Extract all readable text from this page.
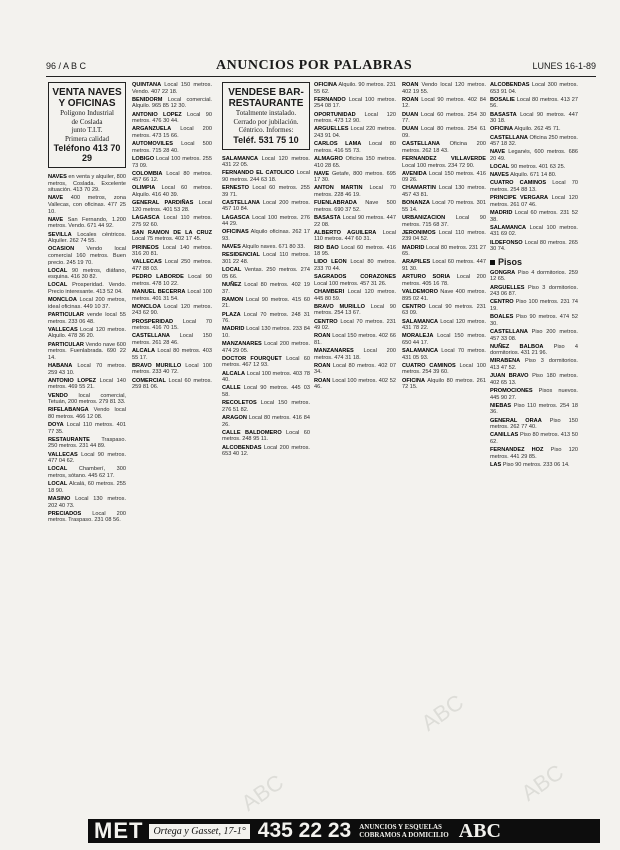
96 / A B C	ANUNCIOS POR PALABRAS	LUNES 16-1-89
VENTA NAVES Y OFICINAS
Polígono Industrial
de Coslada
junto T.I.T.
Primera calidad
Teléfono 413 70 29
NAVES en venta y alquiler, 800 metros, Coslada. Excelente situación. 413 70 29.
NAVE 400 metros, zona Vallecas, con oficinas. 477 25 10.
NAVE San Fernando, 1.200 metros. Vendo. 671 44 92.
SEVILLA Locales céntricos. Alquiler. 262 74 55.
OCASION Vendo local comercial 160 metros. Buen precio. 245 19 70.
LOCAL 90 metros, diáfano, esquina. 416 30 82.
LOCAL Prosperidad. Vendo. Precio interesante. 413 52 04.
MONCLOA Local 200 metros, ideal oficinas. 449 10 37.
PARTICULAR vende local 55 metros. 233 06 48.
VALLECAS Local 120 metros. Alquilo. 478 36 20.
PARTICULAR Vendo nave 600 metros. Fuenlabrada. 690 22 14.
HABANA Local 70 metros. 259 43 10.
ANTONIO LOPEZ Local 140 metros. 469 55 21.
VENDO local comercial, Tetuán, 200 metros. 279 81 33.
RIFELABANGA Vendo local 80 metros. 466 12 08.
DOYA Local 110 metros. 401 77 35.
RESTAURANTE Traspaso. 250 metros. 231 44 89.
VALLECAS Local 90 metros. 477 04 62.
LOCAL Chamberí, 300 metros, sótano. 445 62 17.
LOCAL Alcalá, 60 metros. 255 18 90.
MASINO Local 130 metros. 202 40 73.
PRECIADOS Local 200 metros. Traspaso. 231 08 56.
QUINTANA Local 150 metros. Vendo. 407 22 18.
BENIDORM Local comercial. Alquilo. 965 85 12 30.
ANTONIO LOPEZ Local 90 metros. 476 30 44.
ARGANZUELA Local 200 metros. 473 15 66.
AUTOMOVILES Local 500 metros. 715 28 40.
LOBIGO Local 100 metros. 255 73 09.
COLOMBIA Local 80 metros. 457 66 12.
OLIMPIA Local 60 metros. Alquilo. 416 40 39.
GENERAL PARDIÑAS Local 120 metros. 401 53 28.
LAGASCA Local 110 metros. 275 92 60.
SAN RAMON DE LA CRUZ Local 75 metros. 402 17 45.
PIRINEOS Local 140 metros. 316 20 81.
VALLECAS Local 250 metros. 477 88 03.
PEDRO LABORDE Local 90 metros. 478 10 22.
MANUEL BECERRA Local 100 metros. 401 31 54.
MONCLOA Local 120 metros. 243 62 90.
PROSPERIDAD Local 70 metros. 416 70 15.
CASTELLANA Local 150 metros. 261 28 46.
ALCALA Local 80 metros. 403 55 17.
BRAVO MURILLO Local 100 metros. 233 40 72.
COMERCIAL Local 60 metros. 259 81 06.
VENDESE BAR-RESTAURANTE
Totalmente instalado.
Cerrado por jubilación.
Céntrico. Informes:
Teléf. 531 75 10
SALAMANCA Local 120 metros. 431 22 05.
FERNANDO EL CATOLICO Local 90 metros. 244 63 18.
ERNESTO Local 60 metros. 255 39 71.
CASTELLANA Local 200 metros. 457 10 84.
LAGASCA Local 100 metros. 276 44 29.
OFICINAS Alquilo oficinas. 262 17 93.
NAVES Alquilo naves. 671 80 33.
RESIDENCIAL Local 110 metros. 301 22 48.
LOCAL Ventas. 250 metros. 274 05 66.
NUÑEZ Local 80 metros. 402 19 37.
RAMON Local 90 metros. 415 60 21.
PLAZA Local 70 metros. 248 31 76.
MADRID Local 130 metros. 233 84 10.
MANZANARES Local 200 metros. 474 29 05.
DOCTOR FOURQUET Local 60 metros. 467 12 93.
ALCALA Local 100 metros. 403 78 40.
CALLE Local 90 metros. 445 03 58.
RECOLETOS Local 150 metros. 276 51 82.
ARAGON Local 80 metros. 416 84 26.
CALLE BALDOMERO Local 60 metros. 248 95 11.
ALCOBENDAS Local 200 metros. 653 40 12.
OFICINA Alquilo. 90 metros. 231 55 62.
FERNANDO Local 100 metros. 254 08 17.
OPORTUNIDAD Local 120 metros. 473 12 90.
ARGUELLES Local 220 metros. 243 91 04.
CARLOS LAMA Local 80 metros. 416 55 73.
ALMAGRO Oficina 150 metros. 410 28 65.
NAVE Getafe, 800 metros. 695 17 30.
ANTON MARTIN Local 70 metros. 228 46 19.
FUENLABRADA Nave 500 metros. 690 37 52.
BASASTA Local 90 metros. 447 22 08.
ALBERTO AGUILERA Local 110 metros. 447 60 31.
RIO BAO Local 60 metros. 416 18 95.
LIDO LEON Local 80 metros. 233 70 44.
SAGRADOS CORAZONES Local 100 metros. 457 31 26.
CHAMBERI Local 120 metros. 445 80 59.
BRAVO MURILLO Local 90 metros. 254 13 67.
CENTRO Local 70 metros. 231 49 02.
ROAN Local 150 metros. 402 66 81.
MANZANARES Local 200 metros. 474 31 18.
ROAN Local 80 metros. 402 07 34.
ROAN Local 100 metros. 402 52 46.
ROAN Vendo local 120 metros. 402 19 55.
ROAN Local 90 metros. 402 84 12.
DUAN Local 60 metros. 254 30 77.
DUAN Local 80 metros. 254 61 09.
CASTELLANA Oficina 200 metros. 262 18 43.
FERNANDEZ VILLAVERDE Local 100 metros. 234 72 90.
AVENIDA Local 150 metros. 416 09 26.
CHAMARTIN Local 130 metros. 457 43 81.
BONANZA Local 70 metros. 301 55 14.
URBANIZACION Local 90 metros. 715 68 37.
JERONIMOS Local 110 metros. 239 04 52.
MADRID Local 80 metros. 231 27 65.
ARAPILES Local 60 metros. 447 91 30.
ARTURO SORIA Local 200 metros. 405 16 78.
VALDEMORO Nave 400 metros. 895 02 41.
CENTRO Local 90 metros. 231 63 09.
SALAMANCA Local 120 metros. 431 78 22.
MORALEJA Local 150 metros. 650 44 17.
SALAMANCA Local 70 metros. 431 05 93.
CUATRO CAMINOS Local 100 metros. 254 39 60.
OFICINA Alquilo 80 metros. 261 72 15.
ALCOBENDAS Local 300 metros. 653 91 04.
BOSALIE Local 80 metros. 413 27 56.
BASASTA Local 90 metros. 447 30 18.
OFICINA Alquilo. 262 45 71.
CASTELLANA Oficina 250 metros. 457 18 32.
NAVE Leganés, 600 metros. 686 20 49.
LOCAL 90 metros. 401 63 25.
NAVES Alquilo. 671 14 80.
CUATRO CAMINOS Local 70 metros. 254 88 13.
PRINCIPE VERGARA Local 120 metros. 261 07 46.
MADRID Local 60 metros. 231 52 38.
SALAMANCA Local 100 metros. 431 69 02.
ILDEFONSO Local 80 metros. 265 30 74.
Pisos
GONGRA Piso 4 dormitorios. 259 12 65.
ARGUELLES Piso 3 dormitorios. 243 06 87.
CENTRO Piso 100 metros. 231 74 19.
BOALES Piso 90 metros. 474 52 30.
CASTELLANA Piso 200 metros. 457 33 08.
NUÑEZ BALBOA Piso 4 dormitorios. 431 21 96.
MIRABENA Piso 3 dormitorios. 413 47 52.
JUAN BRAVO Piso 180 metros. 402 65 13.
PROMOCIONES Pisos nuevos. 445 90 27.
NIEBAS Piso 110 metros. 254 18 36.
GENERAL ORAA Piso 150 metros. 262 77 40.
CANILLAS Piso 80 metros. 413 50 62.
FERNANDEZ HOZ Piso 120 metros. 441 29 85.
LAS Piso 90 metros. 233 06 14.
MET	Ortega y Gasset, 17-1° 435 22 23	ANUNCIOS Y ESQUELAS
COBRAMOS A DOMICILIO ABC
ABC
ABC	ABC
